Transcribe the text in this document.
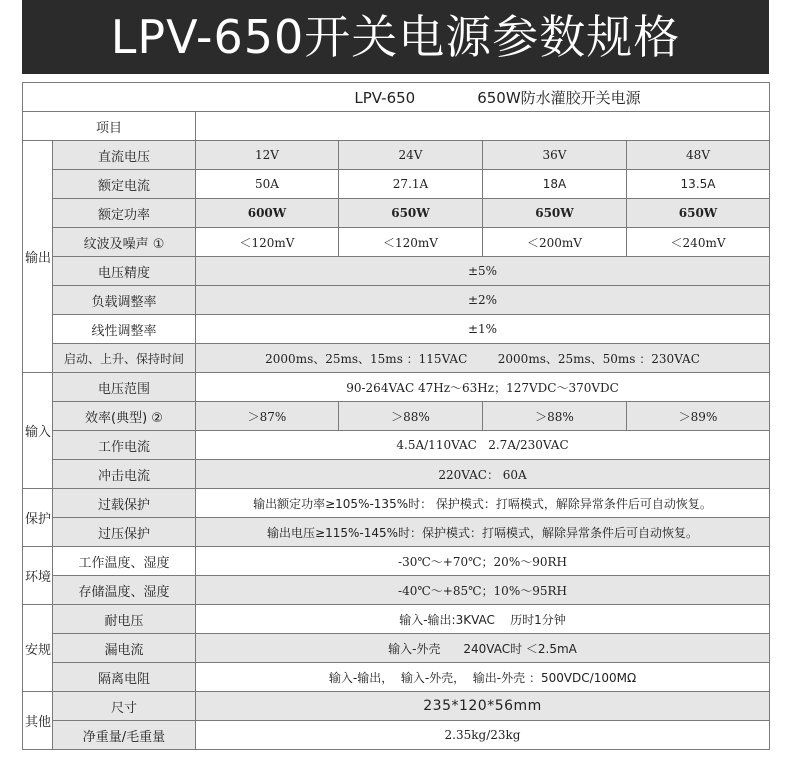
LPV-650开关电源参数规格
LPV-650 650W防水灌胶开关电源					
项目					
输出	直流电压	12V	24V	36V	48V
	额定电流	50A	27.1A	18A	13.5A
	额定功率	600W	650W	650W	650W
	纹波及噪声 ①	＜120mV	＜120mV	＜200mV	＜240mV
	电压精度	±5%			
	负载调整率	±2%			
	线性调整率	±1%			
	启动、上升、保持时间	2000ms、25ms、15ms ：115VAC        2000ms、25ms、50ms ：230VAC			
输入	电压范围	90-264VAC 47Hz～63Hz；127VDC～370VDC			
	效率(典型) ②	＞87%	＞88%	＞88%	＞89%
	工作电流	4.5A/110VAC   2.7A/230VAC			
	冲击电流	220VAC： 60A			
保护	过载保护	输出额定功率≥105%-135%时： 保护模式：打嗝模式，解除异常条件后可自动恢复。			
	过压保护	输出电压≥115%-145%时：保护模式：打嗝模式，解除异常条件后可自动恢复。			
环境	工作温度、湿度	-30℃～+70℃；20%～90RH			
	存储温度、湿度	-40℃～+85℃；10%～95RH			
安规	耐电压	输入-输出:3KVAC    历时1分钟			
	漏电流	输入-外壳      240VAC时 ＜2.5mA			
	隔离电阻	输入-输出，  输入-外壳，  输出-外壳 ：500VDC/100MΩ			
其他	尺寸	235*120*56mm			
	净重量/毛重量	2.35kg/23kg			
